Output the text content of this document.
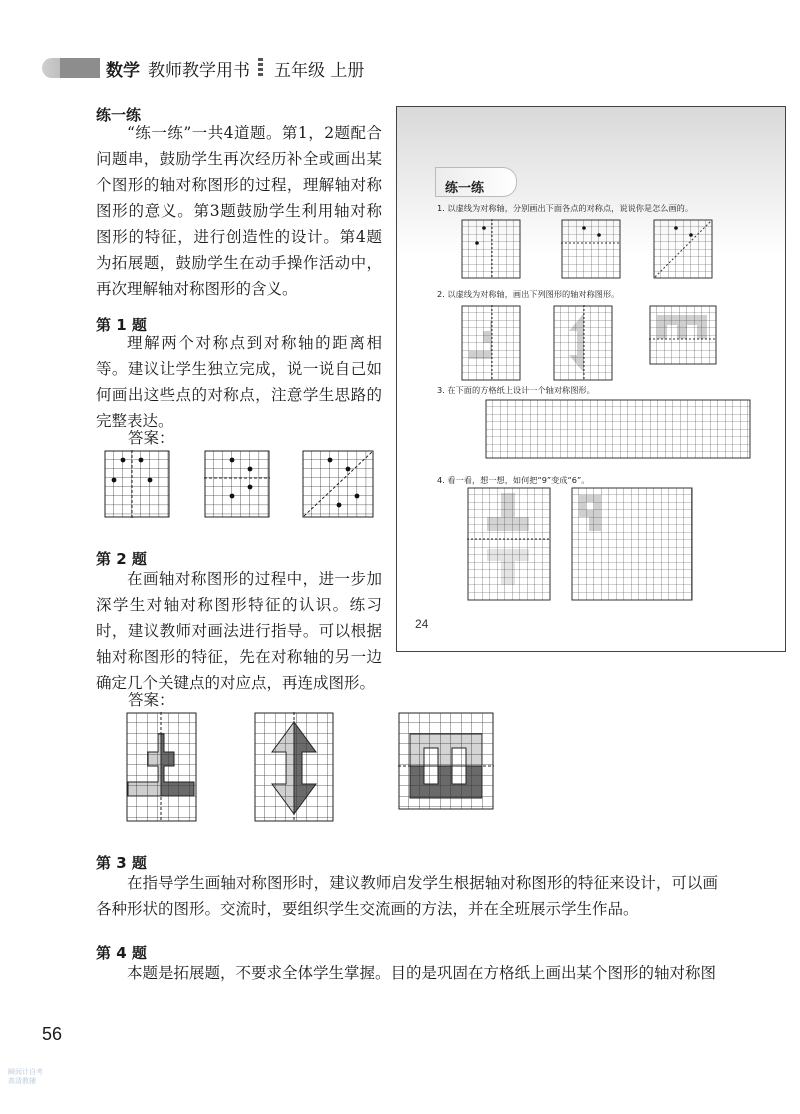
数学 教师教学用书 五年级 上册
练一练
“练一练”一共4道题。第1，2题配合问题串，鼓励学生再次经历补全或画出某个图形的轴对称图形的过程，理解轴对称图形的意义。第3题鼓励学生利用轴对称图形的特征，进行创造性的设计。第4题为拓展题，鼓励学生在动手操作活动中，再次理解轴对称图形的含义。
第 1 题
理解两个对称点到对称轴的距离相等。建议让学生独立完成，说一说自己如何画出这些点的对称点，注意学生思路的完整表达。
答案：
第 2 题
在画轴对称图形的过程中，进一步加深学生对轴对称图形特征的认识。练习时，建议教师对画法进行指导。可以根据轴对称图形的特征，先在对称轴的另一边确定几个关键点的对应点，再连成图形。
答案：
练一练
1. 以虚线为对称轴，分别画出下面各点的对称点，说说你是怎么画的。
2. 以虚线为对称轴，画出下列图形的轴对称图形。
3. 在下面的方格纸上设计一个轴对称图形。
4. 看一看，想一想，如何把“9”变成“6”。
24
第 3 题
在指导学生画轴对称图形时，建议教师启发学生根据轴对称图形的特征来设计，可以画各种形状的图形。交流时，要组织学生交流画的方法，并在全班展示学生作品。
第 4 题
本题是拓展题，不要求全体学生掌握。目的是巩固在方格纸上画出某个图形的轴对称图
56
瞬间计自考
高清教辅
